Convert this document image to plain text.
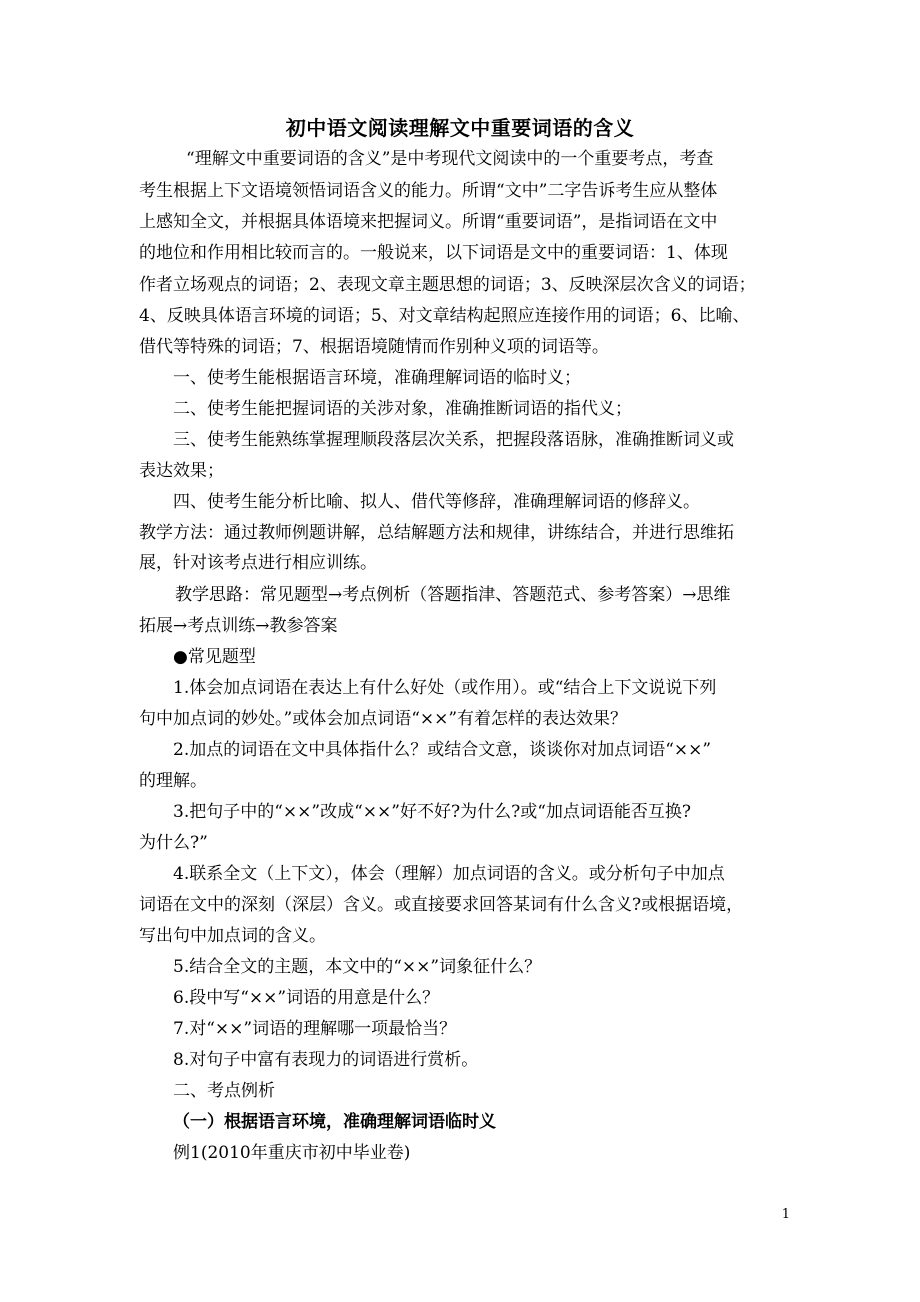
初中语文阅读理解文中重要词语的含义
“理解文中重要词语的含义”是中考现代文阅读中的一个重要考点，考查
考生根据上下文语境领悟词语含义的能力。所谓“文中”二字告诉考生应从整体
上感知全文，并根据具体语境来把握词义。所谓“重要词语”，是指词语在文中
的地位和作用相比较而言的。一般说来，以下词语是文中的重要词语：1、体现
作者立场观点的词语；2、表现文章主题思想的词语；3、反映深层次含义的词语；
4、反映具体语言环境的词语；5、对文章结构起照应连接作用的词语；6、比喻、
借代等特殊的词语；7、根据语境随情而作别种义项的词语等。
一、使考生能根据语言环境，准确理解词语的临时义；
二、使考生能把握词语的关涉对象，准确推断词语的指代义；
三、使考生能熟练掌握理顺段落层次关系，把握段落语脉，准确推断词义或
表达效果；
四、使考生能分析比喻、拟人、借代等修辞，准确理解词语的修辞义。
教学方法：通过教师例题讲解，总结解题方法和规律，讲练结合，并进行思维拓
展，针对该考点进行相应训练。
教学思路：常见题型→考点例析（答题指津、答题范式、参考答案）→思维
拓展→考点训练→教参答案
●常见题型
1.体会加点词语在表达上有什么好处（或作用）。或“结合上下文说说下列
句中加点词的妙处。”或体会加点词语“××”有着怎样的表达效果？
2.加点的词语在文中具体指什么？或结合文意，谈谈你对加点词语“××”
的理解。
3.把句子中的“××”改成“××”好不好?为什么?或“加点词语能否互换?
为什么?”
4.联系全文（上下文），体会（理解）加点词语的含义。或分析句子中加点
词语在文中的深刻（深层）含义。或直接要求回答某词有什么含义?或根据语境，
写出句中加点词的含义。
5.结合全文的主题，本文中的“××”词象征什么？
6.段中写“××”词语的用意是什么？
7.对“××”词语的理解哪一项最恰当？
8.对句子中富有表现力的词语进行赏析。
二、考点例析
（一）根据语言环境，准确理解词语临时义
例1(2010年重庆市初中毕业卷)
1
